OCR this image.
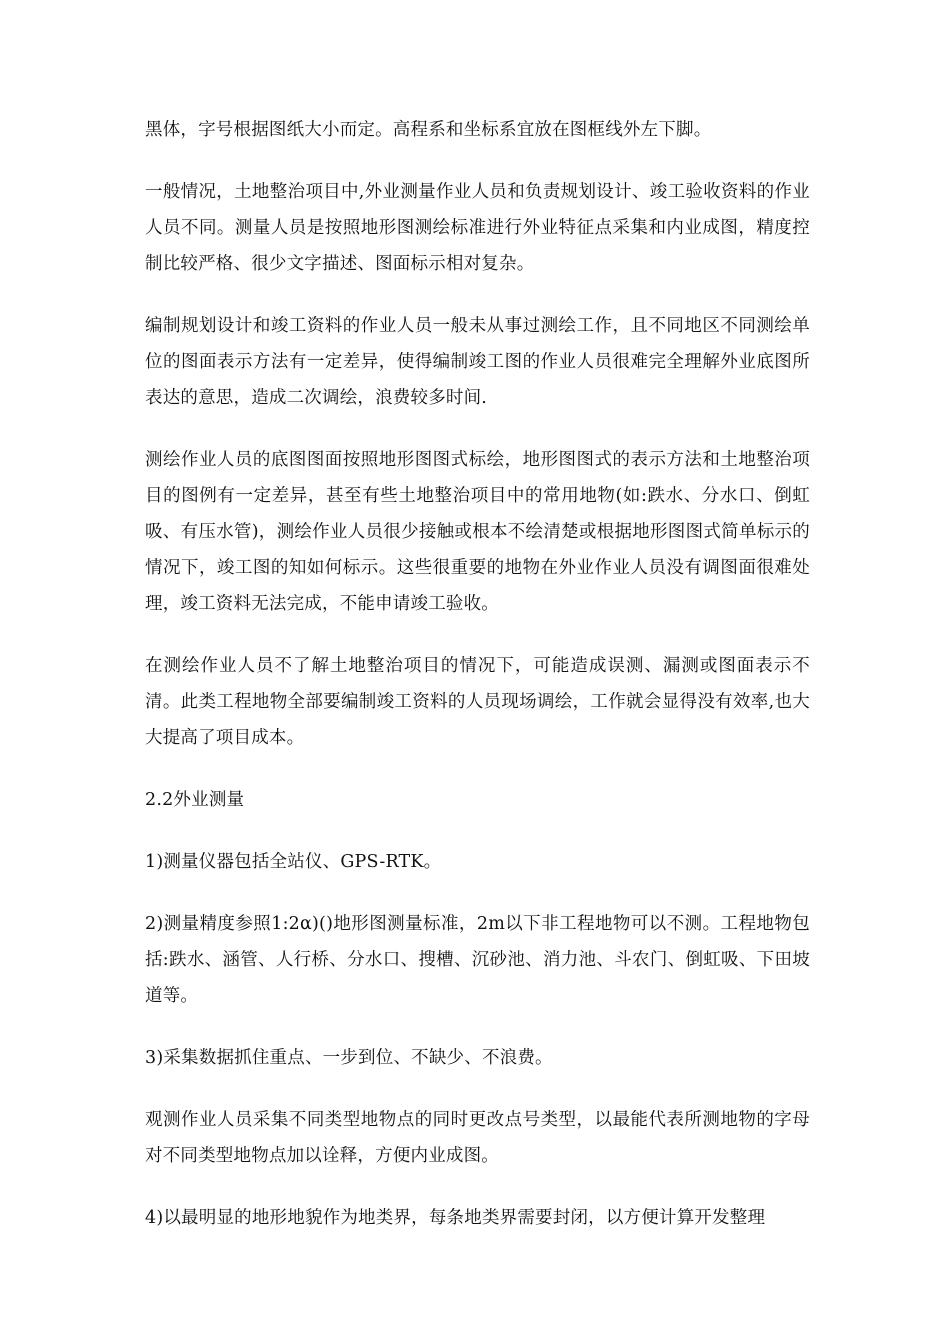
黑体，字号根据图纸大小而定。高程系和坐标系宜放在图框线外左下脚。

一般情况，土地整治项目中,外业测量作业人员和负责规划设计、竣工验收资料的作业人员不同。测量人员是按照地形图测绘标准进行外业特征点采集和内业成图，精度控制比较严格、很少文字描述、图面标示相对复杂。

编制规划设计和竣工资料的作业人员一般未从事过测绘工作，且不同地区不同测绘单位的图面表示方法有一定差异，使得编制竣工图的作业人员很难完全理解外业底图所表达的意思，造成二次调绘，浪费较多时间.

测绘作业人员的底图图面按照地形图图式标绘，地形图图式的表示方法和土地整治项目的图例有一定差异，甚至有些土地整治项目中的常用地物(如:跌水、分水口、倒虹吸、有压水管)，测绘作业人员很少接触或根本不绘清楚或根据地形图图式简单标示的情况下，竣工图的知如何标示。这些很重要的地物在外业作业人员没有调图面很难处理，竣工资料无法完成，不能申请竣工验收。

在测绘作业人员不了解土地整治项目的情况下，可能造成误测、漏测或图面表示不清。此类工程地物全部要编制竣工资料的人员现场调绘，工作就会显得没有效率,也大大提高了项目成本。

2.2外业测量

1)测量仪器包括全站仪、GPS-RTK。

2)测量精度参照1:2α)()地形图测量标准，2m以下非工程地物可以不测。工程地物包括:跌水、涵管、人行桥、分水口、搜槽、沉砂池、消力池、斗农门、倒虹吸、下田坡道等。

3)采集数据抓住重点、一步到位、不缺少、不浪费。

观测作业人员采集不同类型地物点的同时更改点号类型，以最能代表所测地物的字母对不同类型地物点加以诠释，方便内业成图。

4)以最明显的地形地貌作为地类界，每条地类界需要封闭，以方便计算开发整理
